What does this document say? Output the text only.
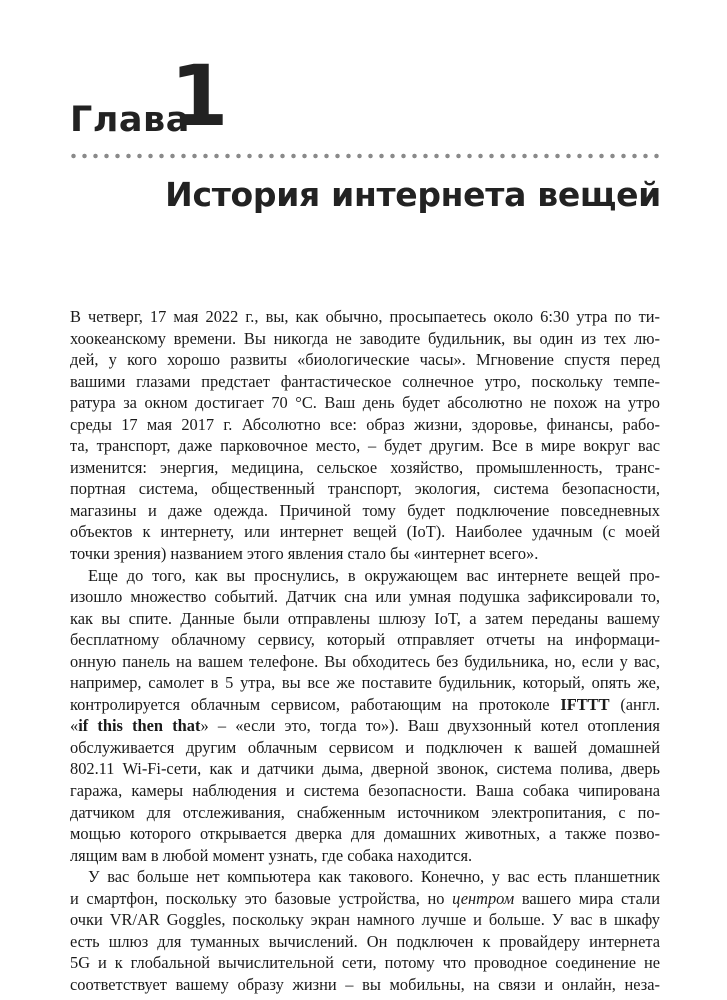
Глава
1
История интернета вещей
В четверг, 17 мая 2022 г., вы, как обычно, просыпаетесь около 6:30 утра по ти-
хоокеанскому времени. Вы никогда не заводите будильник, вы один из тех лю-
дей, у кого хорошо развиты «биологические часы». Мгновение спустя перед
вашими глазами предстает фантастическое солнечное утро, поскольку темпе-
ратура за окном достигает 70 °C. Ваш день будет абсолютно не похож на утро
среды 17 мая 2017 г. Абсолютно все: образ жизни, здоровье, финансы, рабо-
та, транспорт, даже парковочное место, – будет другим. Все в мире вокруг вас
изменится: энергия, медицина, сельское хозяйство, промышленность, транс-
портная система, общественный транспорт, экология, система безопасности,
магазины и даже одежда. Причиной тому будет подключение повседневных
объектов к интернету, или интернет вещей (IoT). Наиболее удачным (с моей
точки зрения) названием этого явления стало бы «интернет всего».
Еще до того, как вы проснулись, в окружающем вас интернете вещей про-
изошло множество событий. Датчик сна или умная подушка зафиксировали то,
как вы спите. Данные были отправлены шлюзу IoT, а затем переданы вашему
бесплатному облачному сервису, который отправляет отчеты на информаци-
онную панель на вашем телефоне. Вы обходитесь без будильника, но, если у вас,
например, самолет в 5 утра, вы все же поставите будильник, который, опять же,
контролируется облачным сервисом, работающим на протоколе IFTTT (англ.
«if this then that» – «если это, тогда то»). Ваш двухзонный котел отопления
обслуживается другим облачным сервисом и подключен к вашей домашней
802.11 Wi-Fi-сети, как и датчики дыма, дверной звонок, система полива, дверь
гаража, камеры наблюдения и система безопасности. Ваша собака чипирована
датчиком для отслеживания, снабженным источником электропитания, с по-
мощью которого открывается дверка для домашних животных, а также позво-
лящим вам в любой момент узнать, где собака находится.
У вас больше нет компьютера как такового. Конечно, у вас есть планшетник
и смартфон, поскольку это базовые устройства, но центром вашего мира стали
очки VR/AR Goggles, поскольку экран намного лучше и больше. У вас в шкафу
есть шлюз для туманных вычислений. Он подключен к провайдеру интернета
5G и к глобальной вычислительной сети, потому что проводное соединение не
соответствует вашему образу жизни – вы мобильны, на связи и онлайн, неза-
